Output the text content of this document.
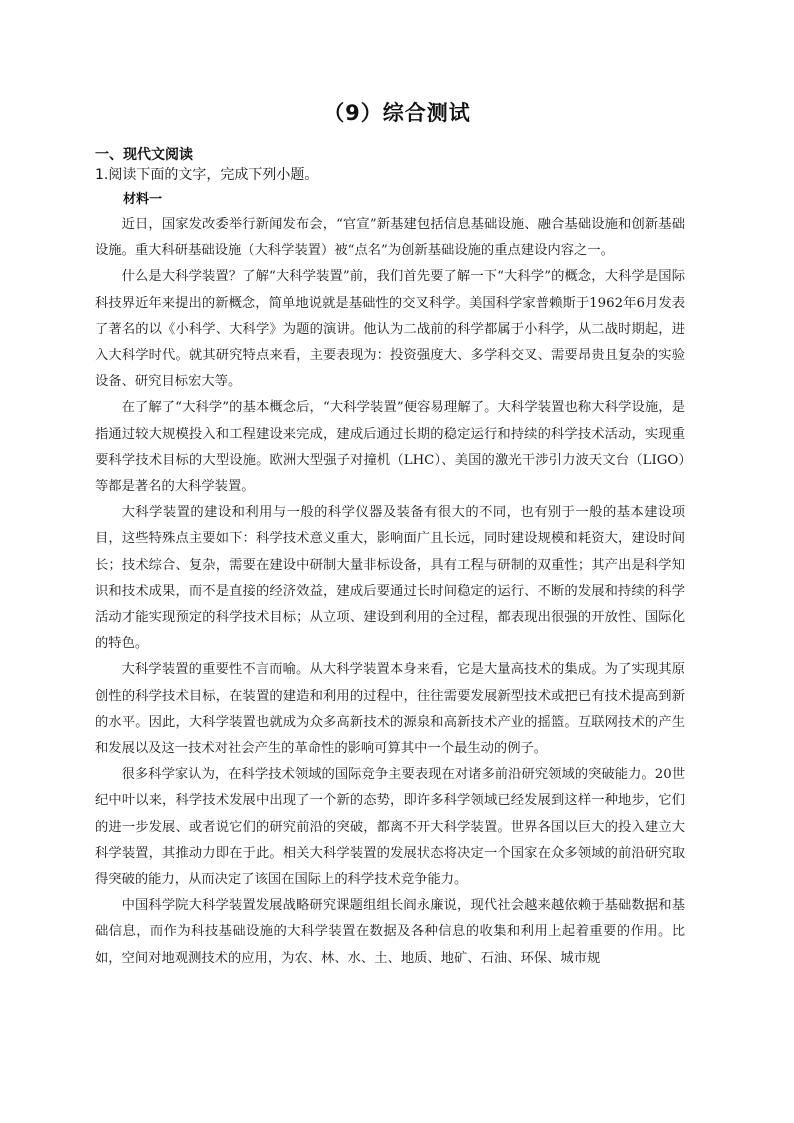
（9）综合测试
一、现代文阅读
1.阅读下面的文字，完成下列小题。
材料一

近日，国家发改委举行新闻发布会，“官宣”新基建包括信息基础设施、融合基础设施和创新基础设施。重大科研基础设施（大科学装置）被“点名”为创新基础设施的重点建设内容之一。

什么是大科学装置？了解“大科学装置”前，我们首先要了解一下“大科学”的概念，大科学是国际科技界近年来提出的新概念，简单地说就是基础性的交叉科学。美国科学家普赖斯于1962年6月发表了著名的以《小科学、大科学》为题的演讲。他认为二战前的科学都属于小科学，从二战时期起，进入大科学时代。就其研究特点来看，主要表现为：投资强度大、多学科交叉、需要昂贵且复杂的实验设备、研究目标宏大等。

在了解了“大科学”的基本概念后，“大科学装置”便容易理解了。大科学装置也称大科学设施，是指通过较大规模投入和工程建设来完成，建成后通过长期的稳定运行和持续的科学技术活动，实现重要科学技术目标的大型设施。欧洲大型强子对撞机（LHC）、美国的激光干涉引力波天文台（LIGO）等都是著名的大科学装置。

大科学装置的建设和利用与一般的科学仪器及装备有很大的不同，也有别于一般的基本建设项目，这些特殊点主要如下：科学技术意义重大，影响面广且长远，同时建设规模和耗资大，建设时间长；技术综合、复杂，需要在建设中研制大量非标设备，具有工程与研制的双重性；其产出是科学知识和技术成果，而不是直接的经济效益，建成后要通过长时间稳定的运行、不断的发展和持续的科学活动才能实现预定的科学技术目标；从立项、建设到利用的全过程，都表现出很强的开放性、国际化的特色。

大科学装置的重要性不言而喻。从大科学装置本身来看，它是大量高技术的集成。为了实现其原创性的科学技术目标，在装置的建造和利用的过程中，往往需要发展新型技术或把已有技术提高到新的水平。因此，大科学装置也就成为众多高新技术的源泉和高新技术产业的摇篮。互联网技术的产生和发展以及这一技术对社会产生的革命性的影响可算其中一个最生动的例子。

很多科学家认为，在科学技术领域的国际竞争主要表现在对诸多前沿研究领域的突破能力。20世纪中叶以来，科学技术发展中出现了一个新的态势，即许多科学领域已经发展到这样一种地步，它们的进一步发展、或者说它们的研究前沿的突破，都离不开大科学装置。世界各国以巨大的投入建立大科学装置，其推动力即在于此。相关大科学装置的发展状态将决定一个国家在众多领域的前沿研究取得突破的能力，从而决定了该国在国际上的科学技术竞争能力。

中国科学院大科学装置发展战略研究课题组组长阎永廉说，现代社会越来越依赖于基础数据和基础信息，而作为科技基础设施的大科学装置在数据及各种信息的收集和利用上起着重要的作用。比如，空间对地观测技术的应用，为农、林、水、土、地质、地矿、石油、环保、城市规
